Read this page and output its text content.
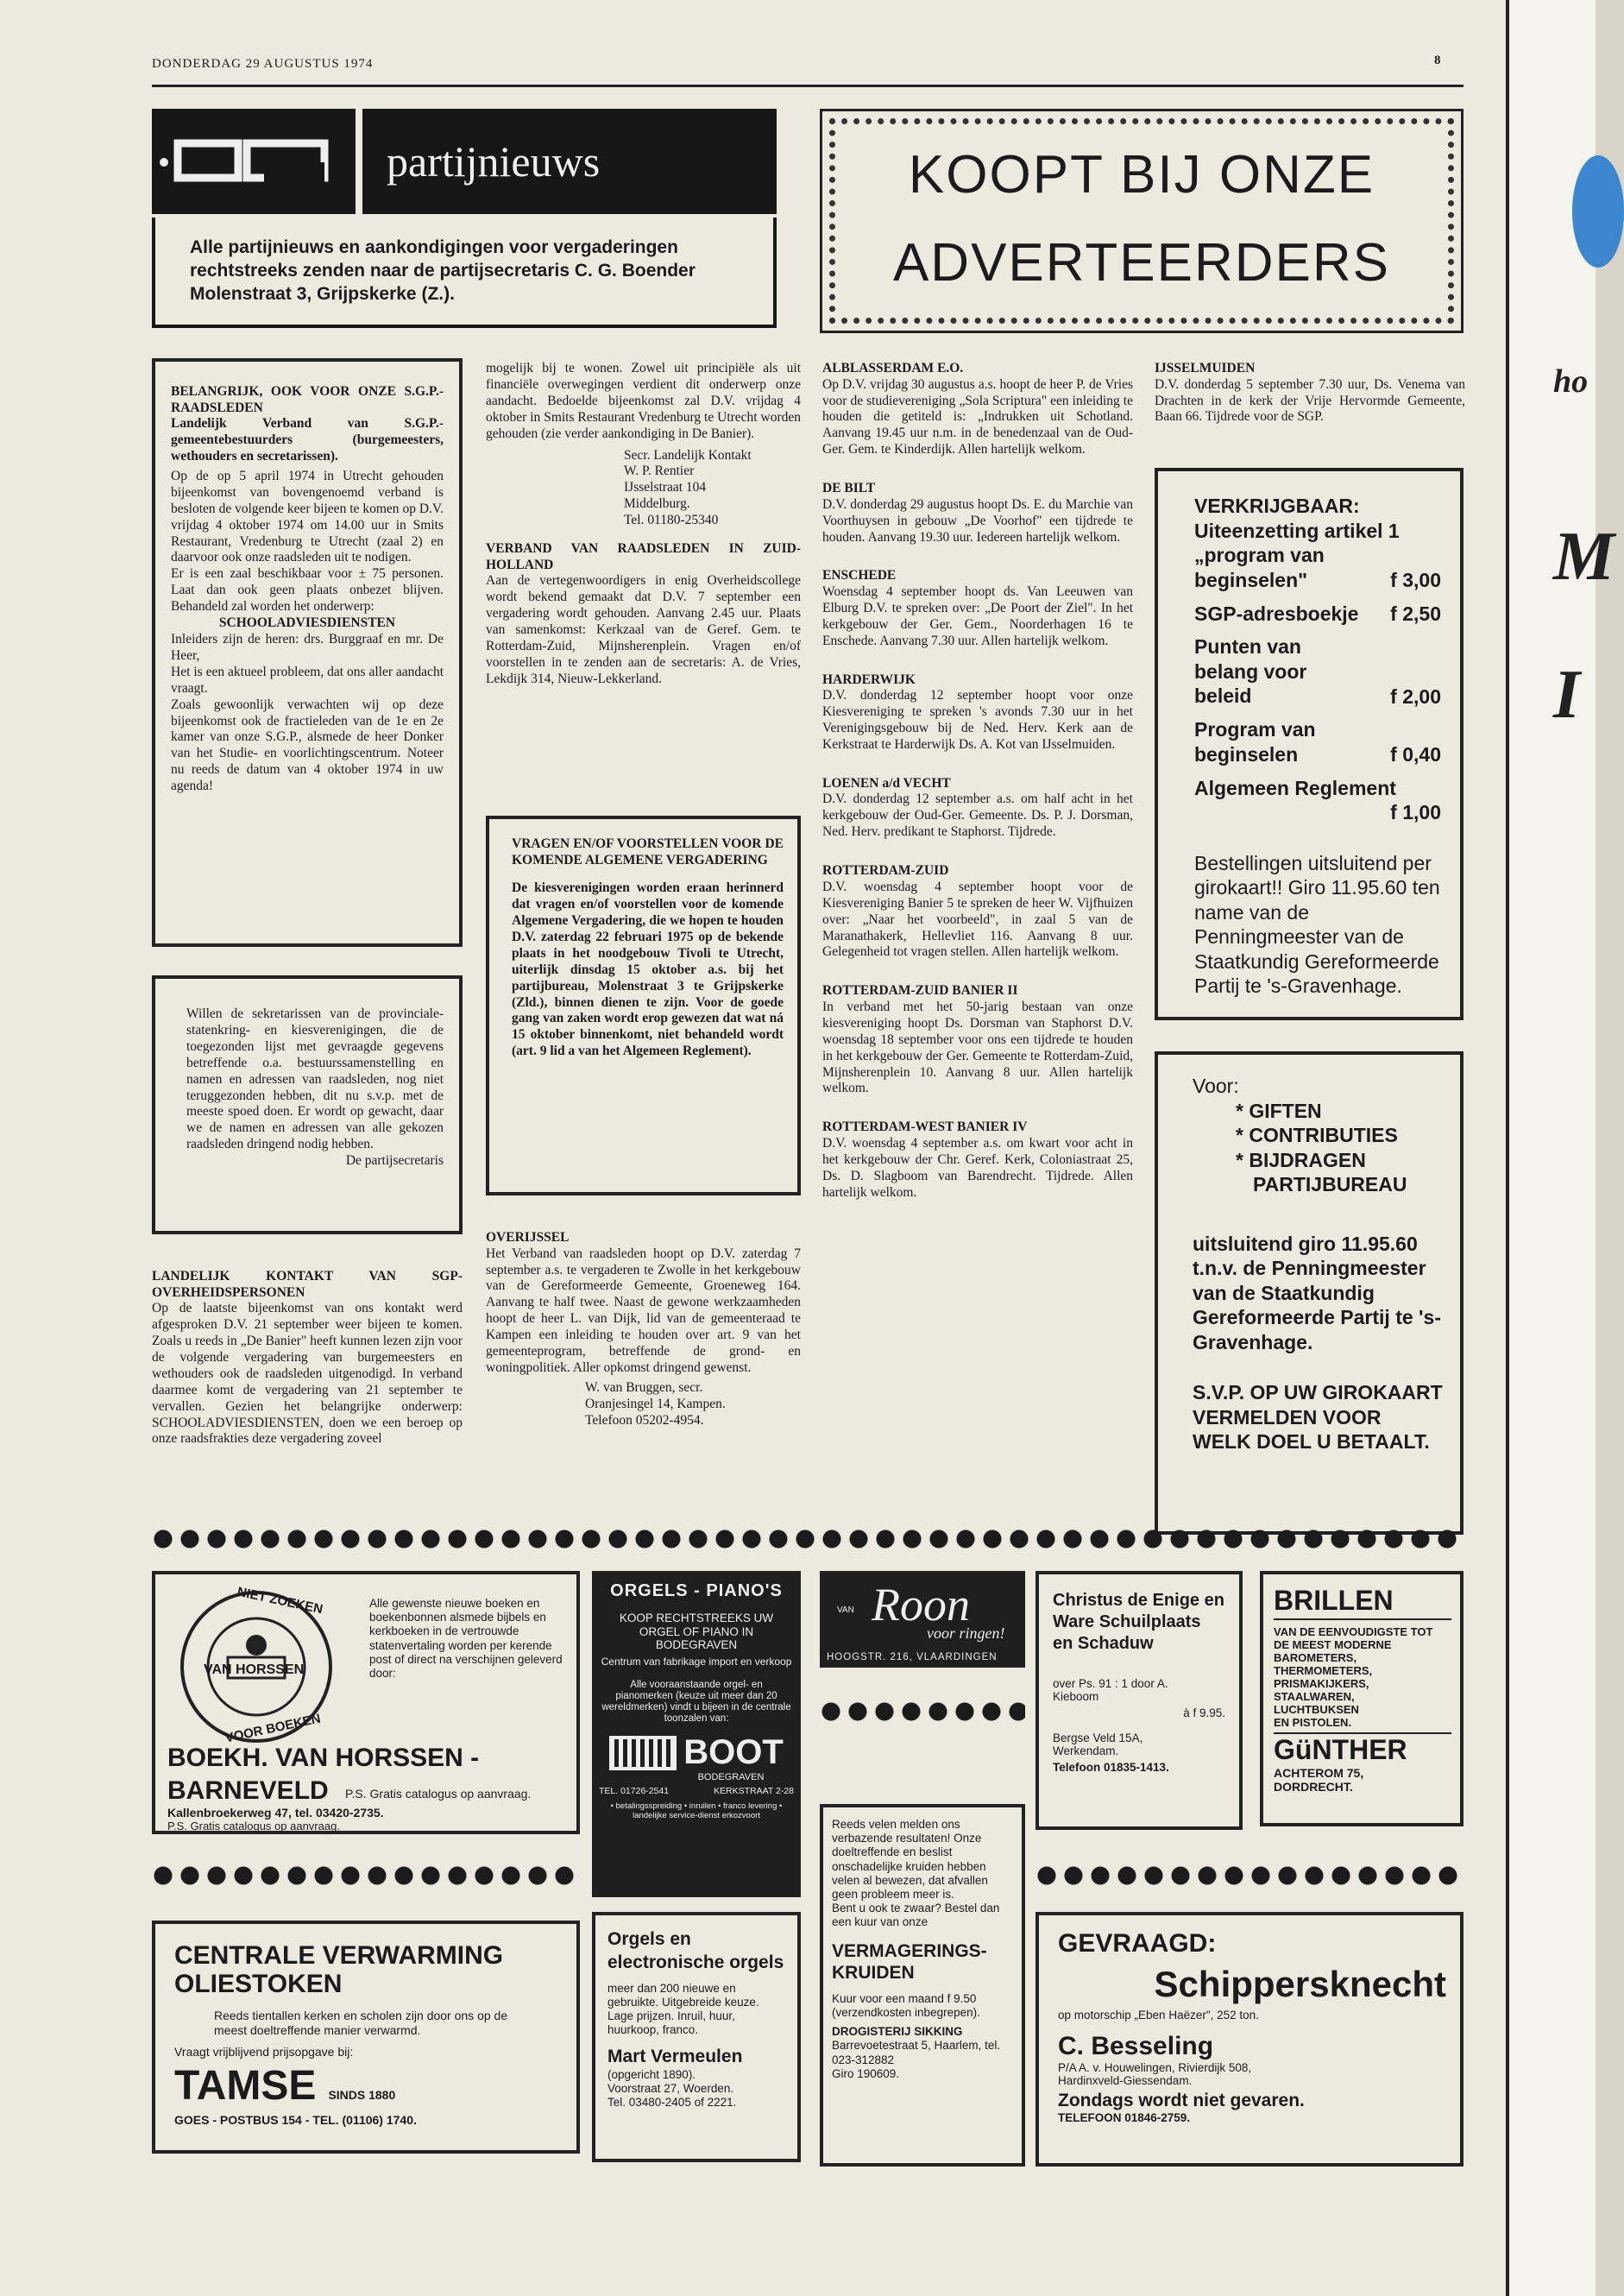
ho
M
I
DONDERDAG 29 AUGUSTUS 1974	8
partijnieuws
Alle partijnieuws en aankondigingen voor vergaderingen rechtstreeks zenden naar de partijsecretaris C. G. Boender Molenstraat 3, Grijpskerke (Z.).
KOOPT BIJ ONZE
ADVERTEERDERS

BELANGRIJK, OOK VOOR ONZE S.G.P.-RAADSLEDEN

Landelijk Verband van S.G.P.-gemeentebestuurders (burgemeesters, wethouders en secretarissen).

Op de op 5 april 1974 in Utrecht gehouden bijeenkomst van bovengenoemd verband is besloten de volgende keer bijeen te komen op D.V. vrijdag 4 oktober 1974 om 14.00 uur in Smits Restaurant, Vredenburg te Utrecht (zaal 2) en daarvoor ook onze raadsleden uit te nodigen.

Er is een zaal beschikbaar voor ± 75 personen. Laat dan ook geen plaats onbezet blijven. Behandeld zal worden het onderwerp:

SCHOOLADVIESDIENSTEN

Inleiders zijn de heren: drs. Burggraaf en mr. De Heer,

Het is een aktueel probleem, dat ons aller aandacht vraagt.

Zoals gewoonlijk verwachten wij op deze bijeenkomst ook de fractieleden van de 1e en 2e kamer van onze S.G.P., alsmede de heer Donker van het Studie- en voorlichtingscentrum. Noteer nu reeds de datum van 4 oktober 1974 in uw agenda!

Willen de sekretarissen van de provinciale- statenkring- en kiesverenigingen, die de toegezonden lijst met gevraagde gegevens betreffende o.a. bestuurssamenstelling en namen en adressen van raadsleden, nog niet teruggezonden hebben, dit nu s.v.p. met de meeste spoed doen. Er wordt op gewacht, daar we de namen en adressen van alle gekozen raadsleden dringend nodig hebben.

De partijsecretaris

LANDELIJK KONTAKT VAN SGP-OVERHEIDSPERSONEN

Op de laatste bijeenkomst van ons kontakt werd afgesproken D.V. 21 september weer bijeen te komen. Zoals u reeds in „De Banier" heeft kunnen lezen zijn voor de volgende vergadering van burgemeesters en wethouders ook de raadsleden uitgenodigd. In verband daarmee komt de vergadering van 21 september te vervallen. Gezien het belangrijke onderwerp: SCHOOLADVIESDIENSTEN, doen we een beroep op onze raadsfrakties deze vergadering zoveel

mogelijk bij te wonen. Zowel uit principiële als uit financiële overwegingen verdient dit onderwerp onze aandacht. Bedoelde bijeenkomst zal D.V. vrijdag 4 oktober in Smits Restaurant Vredenburg te Utrecht worden gehouden (zie verder aankondiging in De Banier).

Secr. Landelijk Kontakt
W. P. Rentier
IJsselstraat 104
Middelburg.
Tel. 01180-25340

VERBAND VAN RAADSLEDEN IN ZUID-HOLLAND

Aan de vertegenwoordigers in enig Overheidscollege wordt bekend gemaakt dat D.V. 7 september een vergadering wordt gehouden. Aanvang 2.45 uur. Plaats van samenkomst: Kerkzaal van de Geref. Gem. te Rotterdam-Zuid, Mijnsherenplein. Vragen en/of voorstellen in te zenden aan de secretaris: A. de Vries, Lekdijk 314, Nieuw-Lekkerland.

VRAGEN EN/OF VOORSTELLEN VOOR DE KOMENDE ALGEMENE VERGADERING

De kiesverenigingen worden eraan herinnerd dat vragen en/of voorstellen voor de komende Algemene Vergadering, die we hopen te houden D.V. zaterdag 22 februari 1975 op de bekende plaats in het noodgebouw Tivoli te Utrecht, uiterlijk dinsdag 15 oktober a.s. bij het partijbureau, Molenstraat 3 te Grijpskerke (Zld.), binnen dienen te zijn. Voor de goede gang van zaken wordt erop gewezen dat wat ná 15 oktober binnenkomt, niet behandeld wordt (art. 9 lid a van het Algemeen Reglement).

OVERIJSSEL

Het Verband van raadsleden hoopt op D.V. zaterdag 7 september a.s. te vergaderen te Zwolle in het kerkgebouw van de Gereformeerde Gemeente, Groeneweg 164. Aanvang te half twee. Naast de gewone werkzaamheden hoopt de heer L. van Dijk, lid van de gemeenteraad te Kampen een inleiding te houden over art. 9 van het gemeenteprogram, betreffende de grond- en woningpolitiek. Aller opkomst dringend gewenst.

W. van Bruggen, secr.
Oranjesingel 14, Kampen.
Telefoon 05202-4954.

ALBLASSERDAM E.O.

Op D.V. vrijdag 30 augustus a.s. hoopt de heer P. de Vries voor de studievereniging „Sola Scriptura" een inleiding te houden die getiteld is: „Indrukken uit Schotland. Aanvang 19.45 uur n.m. in de benedenzaal van de Oud-Ger. Gem. te Kinderdijk. Allen hartelijk welkom.

DE BILT

D.V. donderdag 29 augustus hoopt Ds. E. du Marchie van Voorthuysen in gebouw „De Voorhof" een tijdrede te houden. Aanvang 19.30 uur. Iedereen hartelijk welkom.

ENSCHEDE

Woensdag 4 september hoopt ds. Van Leeuwen van Elburg D.V. te spreken over: „De Poort der Ziel". In het kerkgebouw der Ger. Gem., Noorderhagen 16 te Enschede. Aanvang 7.30 uur. Allen hartelijk welkom.

HARDERWIJK

D.V. donderdag 12 september hoopt voor onze Kiesvereniging te spreken 's avonds 7.30 uur in het Verenigingsgebouw bij de Ned. Herv. Kerk aan de Kerkstraat te Harderwijk Ds. A. Kot van IJsselmuiden.

LOENEN a/d VECHT

D.V. donderdag 12 september a.s. om half acht in het kerkgebouw der Oud-Ger. Gemeente. Ds. P. J. Dorsman, Ned. Herv. predikant te Staphorst. Tijdrede.

ROTTERDAM-ZUID

D.V. woensdag 4 september hoopt voor de Kiesvereniging Banier 5 te spreken de heer W. Vijfhuizen over: „Naar het voorbeeld", in zaal 5 van de Maranathakerk, Hellevliet 116. Aanvang 8 uur. Gelegenheid tot vragen stellen. Allen hartelijk welkom.

ROTTERDAM-ZUID BANIER II

In verband met het 50-jarig bestaan van onze kiesvereniging hoopt Ds. Dorsman van Staphorst D.V. woensdag 18 september voor ons een tijdrede te houden in het kerkgebouw der Ger. Gemeente te Rotterdam-Zuid, Mijnsherenplein 10. Aanvang 8 uur. Allen hartelijk welkom.

ROTTERDAM-WEST BANIER IV

D.V. woensdag 4 september a.s. om kwart voor acht in het kerkgebouw der Chr. Geref. Kerk, Coloniastraat 25, Ds. D. Slagboom van Barendrecht. Tijdrede. Allen hartelijk welkom.

IJSSELMUIDEN

D.V. donderdag 5 september 7.30 uur, Ds. Venema van Drachten in de kerk der Vrije Hervormde Gemeente, Baan 66. Tijdrede voor de SGP.

VERKRIJGBAAR:
Uiteenzetting artikel 1 „program van beginselen"	f 3,00
SGP-adresboekje f 2,50
Punten van belang voor beleid	f 2,00
Program van beginselen	f 0,40
Algemeen Reglement
f 1,00
Bestellingen uitsluitend per girokaart!! Giro 11.95.60 ten name van de Penningmeester van de Staatkundig Gereformeerde Partij te 's-Gravenhage.
Voor:
* GIFTEN
* CONTRIBUTIES
* BIJDRAGEN
PARTIJBUREAU
uitsluitend giro 11.95.60 t.n.v. de Penningmeester van de Staatkundig Gereformeerde Partij te 's-Gravenhage.
S.V.P. OP UW GIROKAART VERMELDEN VOOR WELK DOEL U BETAALT.
NIET ZOEKEN
VAN HORSSEN
VOOR BOEKEN
Alle gewenste nieuwe boeken en boekenbonnen alsmede bijbels en kerkboeken in de vertrouwde statenvertaling worden per kerende post of direct na verschijnen geleverd door:
BOEKH. VAN HORSSEN -
BARNEVELD P.S. Gratis catalogus op aanvraag.
Kallenbroekerweg 47, tel. 03420-2735.
P.S. Gratis catalogus op aanvraag.
ORGELS - PIANO'S
KOOP RECHTSTREEKS UW ORGEL OF PIANO IN BODEGRAVEN
Centrum van fabrikage import en verkoop
Alle vooraanstaande orgel- en pianomerken (keuze uit meer dan 20 wereldmerken) vindt u bijeen in de centrale toonzalen van:
BOOT
BODEGRAVEN
TEL. 01726-2541	KERKSTRAAT 2-28
• betalingsspreiding • inruilen • franco levering • landelijke service-dienst erkozvoort
VAN Roon
voor ringen!
HOOGSTR. 216, VLAARDINGEN
Christus de Enige en Ware Schuilplaats en Schaduw
over Ps. 91 : 1 door A. Kieboom
à f 9.95.
Bergse Veld 15A, Werkendam.
Telefoon 01835-1413.
BRILLEN
VAN DE EENVOUDIGSTE TOT DE MEEST MODERNE
BAROMETERS,
THERMOMETERS,
PRISMAKIJKERS,
STAALWAREN,
LUCHTBUKSEN
EN PISTOLEN.
GüNTHER
ACHTEROM 75, DORDRECHT.
Reeds velen melden ons verbazende resultaten! Onze doeltreffende en beslist onschadelijke kruiden hebben velen al bewezen, dat afvallen geen probleem meer is.
Bent u ook te zwaar? Bestel dan een kuur van onze
VERMAGERINGS-KRUIDEN
Kuur voor een maand f 9.50 (verzendkosten inbegrepen).
DROGISTERIJ SIKKING
Barrevoetestraat 5, Haarlem, tel. 023-312882
Giro 190609.
CENTRALE VERWARMING
OLIESTOKEN
Reeds tientallen kerken en scholen zijn door ons op de meest doeltreffende manier verwarmd.
Vraagt vrijblijvend prijsopgave bij:
TAMSE SINDS 1880
GOES - POSTBUS 154 - TEL. (01106) 1740.
Orgels en electronische orgels
meer dan 200 nieuwe en gebruikte. Uitgebreide keuze. Lage prijzen. Inruil, huur, huurkoop, franco.
Mart Vermeulen
(opgericht 1890).
Voorstraat 27, Woerden.
Tel. 03480-2405 of 2221.
GEVRAAGD:
Schippersknecht
op motorschip „Eben Haëzer", 252 ton.
C. Besseling
P/A A. v. Houwelingen, Rivierdijk 508,
Hardinxveld-Giessendam.
Zondags wordt niet gevaren.
TELEFOON 01846-2759.
